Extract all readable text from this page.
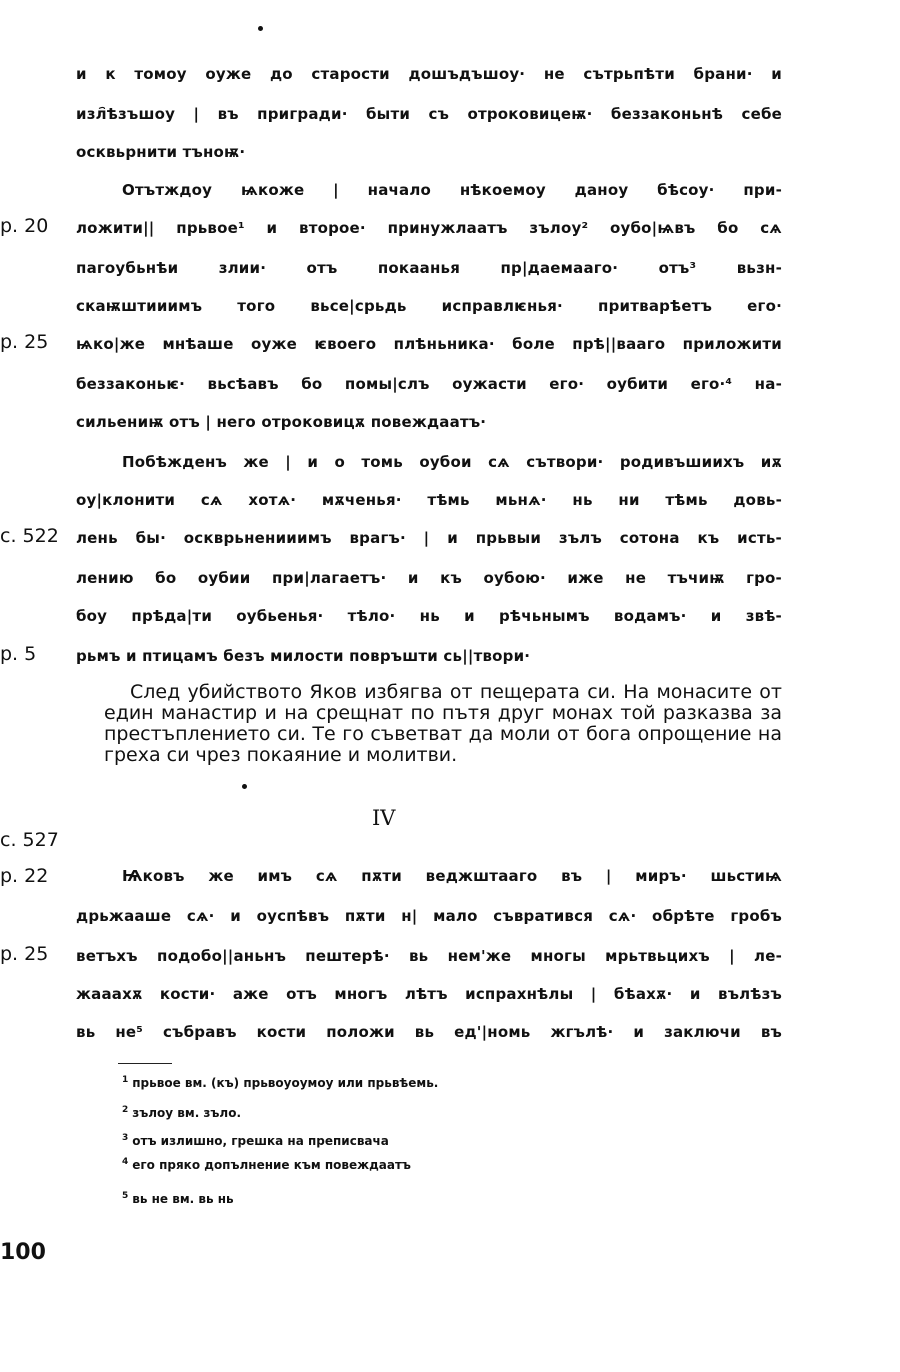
и к томоу оуже до старости дошъдъшоу· не сътрьпѣти брани· и
изл҄ѣзъшоу | въ пригради· быти съ отроковицеѭ· беззаконьнѣ себе
осквьрнити тъноѭ·
Отътждоу ѩкоже | начало нѣкоемоу даноу бѣсоу· при-
р. 20 ложити|| прьвое¹ и второе· принужлаатъ зълоу² оубо|ѩвъ бо сѧ
пагоубьнѣи злии· отъ покаанья пр|даемааго· отъ³ вьзн-
скаѭштииимъ того вьсе|срьдь исправлѥнья· притварѣетъ его·
р. 25 ѩко|же мнѣаше оуже ѥвоего плѣньника· боле прѣ||вааго приложити
беззаконьѥ· вьсѣавъ бо помы|слъ оужасти его· оубити его·⁴ на-
сильениѭ отъ | него отроковицѫ повеждаатъ·
Побѣжденъ же | и о томь оубои сѧ сътвори· родивъшиихъ иѫ
оу|клонити сѧ хотѧ· мѫченья· тѣмь мьнѧ· нь ни тѣмь довь-
с. 522 лень бы· оскврьненииимъ врагъ· | и прьвыи зълъ сотона къ исть-
лению бо оубии при|лагаетъ· и къ оубою· иже не тъчиѭ гро-
боу прѣда|ти оубьенья· тѣло· нь и рѣчьнымъ водамъ· и звѣ-
р. 5	рьмъ и птицамъ безъ милости повръшти сь||твори·

След убийството Яков избягва от пещерата си. На монасите от един манастир и на срещнат по пътя друг монах той разказва за престъплението си. Те го съветват да моли от бога опрощение на греха си чрез покаяние и молитви.

IV
с. 527
р. 22	Ѩковъ же имъ сѧ пѫти веджштааго въ | миръ· шьстиѩ
дрьжааше сѧ· и оуспѣвъ пѫти н| мало съвратився сѧ· обрѣте гробъ
р. 25 ветъхъ подобо||аньнъ пештерѣ· вь нем'же многы мрьтвьцихъ | ле-
жааахѫ кости· аже отъ многъ лѣтъ испрахнѣлы | бѣахѫ· и вълѣзъ
вь не⁵ събравъ кости положи вь ед'|номь жгълѣ· и заключи въ
$^1$ прьвое вм. (къ) прьвоуоумоу или прьвѣемь.
$^2$ зълоу вм. зъло.
$^3$ отъ излишно, грешка на преписвача
$^4$ его пряко допълнение към повеждаатъ
$^5$ вь не вм. вь нь
100
